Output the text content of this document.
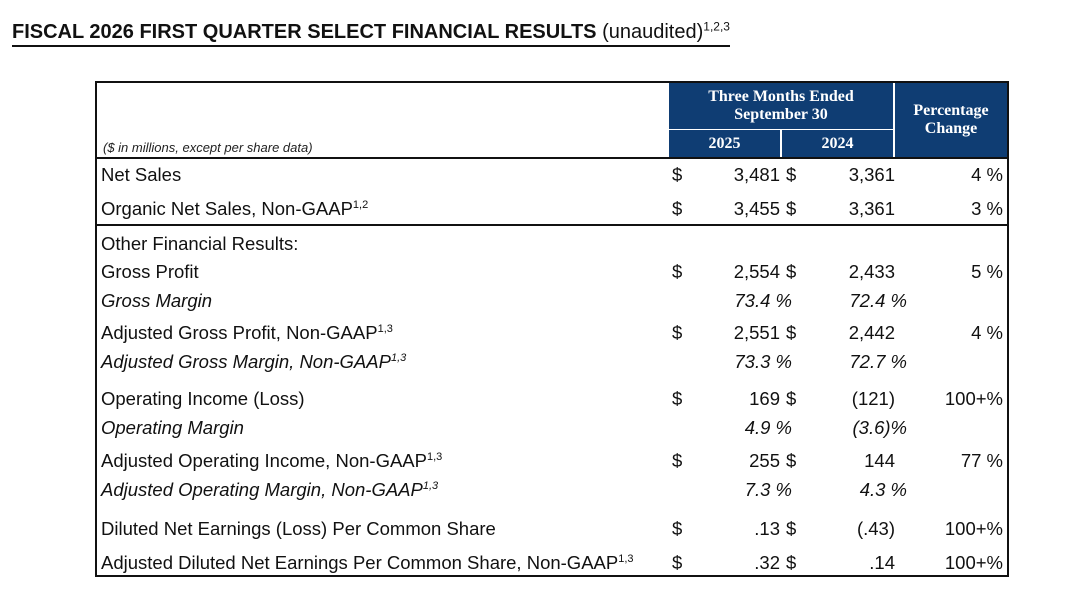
FISCAL 2026 FIRST QUARTER SELECT FINANCIAL RESULTS (unaudited)$^{1,2,3}$
Three Months Ended September 30
2025	2024
Percentage Change
($ in millions, except per share data)
Net Sales	$	3,481 $	3,361	4 %
Organic Net Sales, Non-GAAP$^{1,2}$	$	3,455 $	3,361	3 %
Other Financial Results:
Gross Profit	$	2,554 $	2,433	5 %
Gross Margin	73.4 %	72.4 %
Adjusted Gross Profit, Non-GAAP$^{1,3}$	$	2,551 $	2,442	4 %
Adjusted Gross Margin, Non-GAAP$^{1,3}$	73.3 %	72.7 %
Operating Income (Loss)	$	169 $	(121)	100+%
Operating Margin	4.9 %	(3.6)%
Adjusted Operating Income, Non-GAAP$^{1,3}$	$	255 $	144	77 %
Adjusted Operating Margin, Non-GAAP$^{1,3}$	7.3 %	4.3 %
Diluted Net Earnings (Loss) Per Common Share	$	.13 $	(.43)	100+%
Adjusted Diluted Net Earnings Per Common Share, Non-GAAP$^{1,3}$ $	.32 $	.14	100+%
